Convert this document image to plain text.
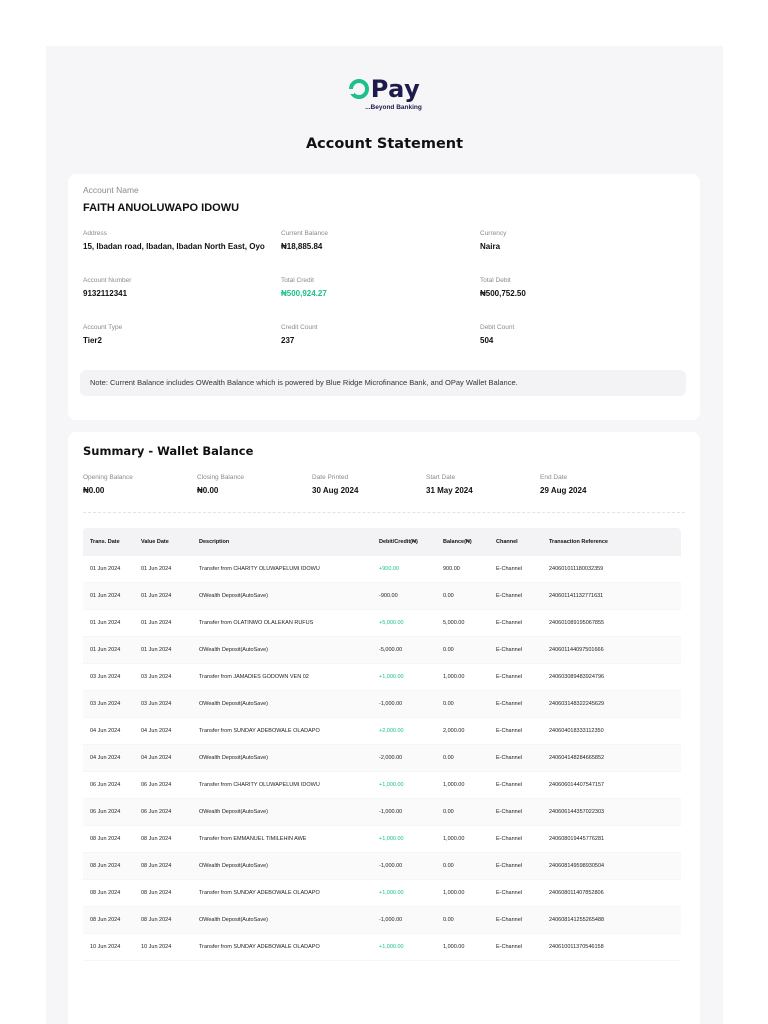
Pay
...Beyond Banking
Account Statement
Account Name
FAITH ANUOLUWAPO IDOWU
Address
15, Ibadan road, Ibadan, Ibadan North East, Oyo
Current Balance
₦18,885.84
Currency
Naira
Account Number
9132112341
Total Credit
₦500,924.27
Total Debit
₦500,752.50
Account Type
Tier2
Credit Count
237
Debit Count
504
Note: Current Balance includes OWealth Balance which is powered by Blue Ridge Microfinance Bank, and OPay Wallet Balance.
Summary - Wallet Balance
Opening Balance
₦0.00
Closing Balance
₦0.00
Date Printed
30 Aug 2024
Start Date
31 May 2024
End Date
29 Aug 2024
Trans. Date	Value Date	Description	Debit/Credit(₦)	Balance(₦)	Channel	Transaction Reference
01 Jun 2024	01 Jun 2024	Transfer from CHARITY OLUWAPELUMI IDOWU	+900.00	900.00	E-Channel	240601011180032359
01 Jun 2024	01 Jun 2024	OWealth Deposit(AutoSave)	-900.00	0.00	E-Channel	240601141132771631
01 Jun 2024	01 Jun 2024	Transfer from OLATINWO OLALEKAN RUFUS	+5,000.00	5,000.00	E-Channel	240601089195067855
01 Jun 2024	01 Jun 2024	OWealth Deposit(AutoSave)	-5,000.00	0.00	E-Channel	240601144097501666
03 Jun 2024	03 Jun 2024	Transfer from JAMADIES GODOWN VEN 02	+1,000.00	1,000.00	E-Channel	240603089483924796
03 Jun 2024	03 Jun 2024	OWealth Deposit(AutoSave)	-1,000.00	0.00	E-Channel	240603148322245629
04 Jun 2024	04 Jun 2024	Transfer from SUNDAY ADEBOWALE OLADAPO	+2,000.00	2,000.00	E-Channel	240604018333112350
04 Jun 2024	04 Jun 2024	OWealth Deposit(AutoSave)	-2,000.00	0.00	E-Channel	240604148284665852
06 Jun 2024	06 Jun 2024	Transfer from CHARITY OLUWAPELUMI IDOWU	+1,000.00	1,000.00	E-Channel	240606014407547157
06 Jun 2024	06 Jun 2024	OWealth Deposit(AutoSave)	-1,000.00	0.00	E-Channel	240606144357022303
08 Jun 2024	08 Jun 2024	Transfer from EMMANUEL TIMILEHIN AWE	+1,000.00	1,000.00	E-Channel	240608019445776281
08 Jun 2024	08 Jun 2024	OWealth Deposit(AutoSave)	-1,000.00	0.00	E-Channel	240608149598930504
08 Jun 2024	08 Jun 2024	Transfer from SUNDAY ADEBOWALE OLADAPO	+1,000.00	1,000.00	E-Channel	240608011407852806
08 Jun 2024	08 Jun 2024	OWealth Deposit(AutoSave)	-1,000.00	0.00	E-Channel	240608141255265488
10 Jun 2024	10 Jun 2024	Transfer from SUNDAY ADEBOWALE OLADAPO	+1,000.00	1,000.00	E-Channel	240610011370546158
